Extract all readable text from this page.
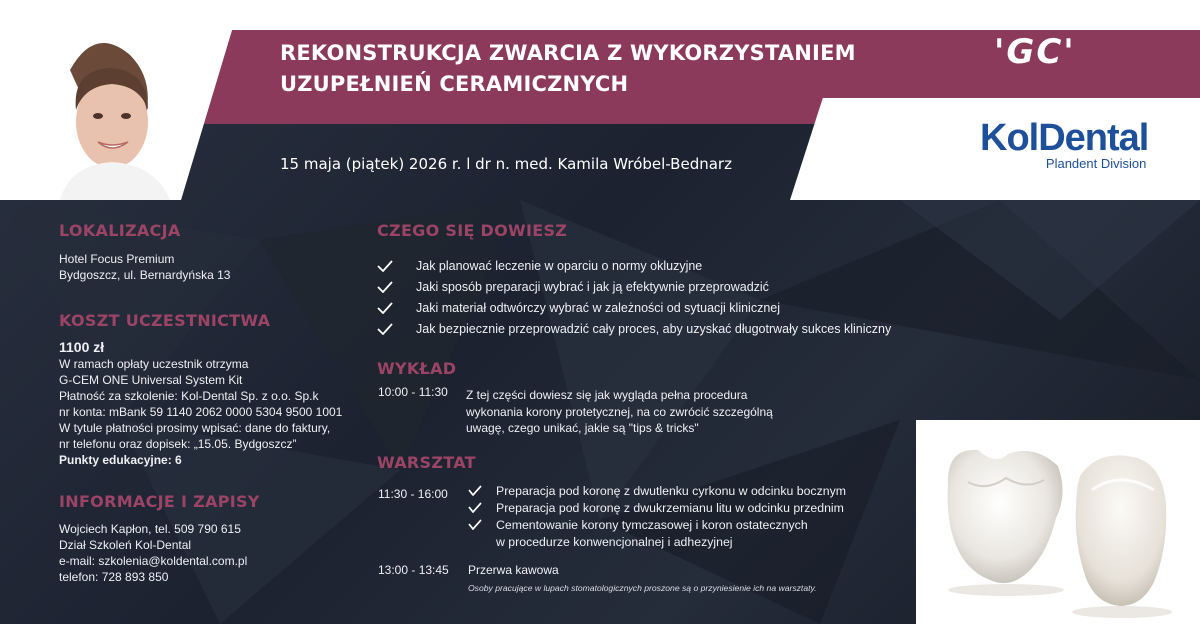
REKONSTRUKCJA ZWARCIA Z WYKORZYSTANIEM
UZUPEŁNIEŃ CERAMICZNYCH
'GC'
KolDental
Plandent Division
15 maja (piątek) 2026 r. l dr n. med. Kamila Wróbel-Bednarz
LOKALIZACJA
Hotel Focus Premium
Bydgoszcz, ul. Bernardyńska 13
KOSZT UCZESTNICTWA
1100 zł
W ramach opłaty uczestnik otrzyma
G-CEM ONE Universal System Kit
Płatność za szkolenie: Kol-Dental Sp. z o.o. Sp.k
nr konta: mBank 59 1140 2062 0000 5304 9500 1001
W tytule płatności prosimy wpisać: dane do faktury,
nr telefonu oraz dopisek: „15.05. Bydgoszcz”
Punkty edukacyjne: 6
INFORMACJE I ZAPISY
Wojciech Kapłon, tel. 509 790 615
Dział Szkoleń Kol-Dental
e-mail: szkolenia@koldental.com.pl
telefon: 728 893 850
CZEGO SIĘ DOWIESZ
Jak planować leczenie w oparciu o normy okluzyjne
Jaki sposób preparacji wybrać i jak ją efektywnie przeprowadzić
Jaki materiał odtwórczy wybrać w zależności od sytuacji klinicznej
Jak bezpiecznie przeprowadzić cały proces, aby uzyskać długotrwały sukces kliniczny
WYKŁAD
10:00 - 11:30 Z tej części dowiesz się jak wygląda pełna procedura
wykonania korony protetycznej, na co zwrócić szczególną
uwagę, czego unikać, jakie są "tips & tricks"
WARSZTAT
11:30 - 16:00	Preparacja pod koronę z dwutlenku cyrkonu w odcinku bocznym
Preparacja pod koronę z dwukrzemianu litu w odcinku przednim
Cementowanie korony tymczasowej i koron ostatecznych
w procedurze konwencjonalnej i adhezyjnej
13:00 - 13:45 Przerwa kawowa
Osoby pracujące w lupach stomatologicznych proszone są o przyniesienie ich na warsztaty.
